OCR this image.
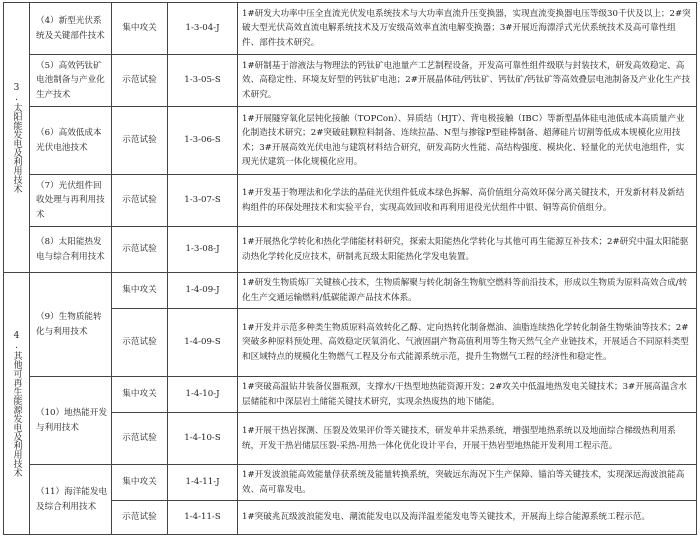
3.太阳能发电及利用技术	（4）新型光伏系统及关键部件技术	集中攻关	1-3-04-J	1#研发大功率中压全直流光伏发电系统技术与大功率直流升压变换器，实现直流变换器电压等级30千伏及以上；2#突破大型光伏高效直流电解系统技术及万安级高效率直流电解变换器；3#开展近海漂浮式光伏系统技术及高可靠性组件、部件技术研究。
	（5）高效钙钛矿电池制备与产业化生产技术	示范试验	1-3-05-S	1#研制基于溶液法与物理法的钙钛矿电池量产工艺制程设备，开发高可靠性组件级联与封装技术，研发高效稳定、高效、高稳定性、环境友好型的钙钛矿电池；2#开展晶体硅/钙钛矿、钙钛矿/钙钛矿等高效叠层电池制备及产业化生产技术研究。
	（6）高效低成本光伏电池技术	示范试验	1-3-06-S	1#开展隧穿氧化层钝化接触（TOPCon）、异质结（HJT）、背电极接触（IBC）等新型晶体硅电池低成本高质量产业化制造技术研究；2#突破硅颗粒料制备、连续拉晶、N型与掺镓P型硅棒制备、超薄硅片切割等低成本规模化应用技术；3#开展高效光伏电池与建筑材料结合研究，研发高防火性能、高结构强度、模块化、轻量化的光伏电池组件，实现光伏建筑一体化规模化应用。
	（7）光伏组件回收处理与再利用技术	示范试验	1-3-07-S	1#开发基于物理法和化学法的晶硅光伏组件低成本绿色拆解、高价值组分高效环保分离关键技术，开发新材料及新结构组件的环保处理技术和实验平台，实现高效回收和再利用退役光伏组件中银、铜等高价值组分。
	（8）太阳能热发电与综合利用技术	示范试验	1-3-08-J	1#开展热化学转化和热化学储能材料研究，探索太阳能热化学转化与其他可再生能源互补技术；2#研究中温太阳能驱动热化学转化反应技术，研制兆瓦级太阳能热化学发电装置。

4.其他可再生能源发电及利用技术	（9）生物质能转化与利用技术	集中攻关	1-4-09-J	1#研发生物质炼厂关键核心技术，生物质解聚与转化制备生物航空燃料等前沿技术，形成以生物质为原料高效合成/转化生产交通运输燃料/低碳能源产品技术体系。
		示范试验	1-4-09-S	1#开发并示范多种类生物质原料高效转化乙醇、定向热转化制备燃油、油脂连续热化学转化制备生物柴油等技术；2#突破多种原料预处理、高效稳定厌氧消化、气液固副产物高值利用等生物天然气全产业链技术，开展适合不同原料类型和区域特点的规模化生物燃气工程及分布式能源系统示范，提升生物燃气工程的经济性和稳定性。
	（10）地热能开发与利用技术	集中攻关	1-4-10-J	1#突破高温钻井装备仪器瓶颈，支撑水/干热型地热能资源开发；2#攻关中低温地热发电关键技术；3#开展高温含水层储能和中深层岩土储能关键技术研究，实现余热废热的地下储能。
		示范试验	1-4-10-S	1#开展干热岩探测、压裂及效果评价等关键技术，研发单井采热系统，增强型地热系统以及地面综合梯级热利用系统，开发干热岩储层压裂-采热-用热一体化优化设计平台，开展干热岩型地热能开发利用工程示范。
	（11）海洋能发电及综合利用技术	集中攻关	1-4-11-J	1#开发波浪能高效能量俘获系统及能量转换系统，突破远东海况下生产保障、锚泊等关键技术，实现深远海波浪能高效、高可靠发电。
		示范试验	1-4-11-S	1#突破兆瓦级波浪能发电、潮流能发电以及海洋温差能发电等关键技术，开展海上综合能源系统工程示范。
